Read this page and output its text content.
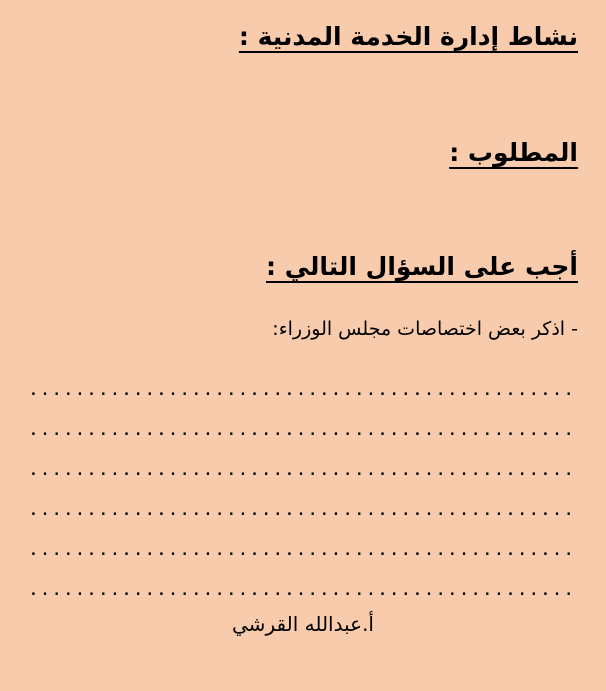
نشاط إدارة الخدمة المدنية :
المطلوب :
أجب على السؤال التالي :
- اذكر بعض اختصاصات مجلس الوزراء:
...............................................
...............................................
...............................................
...............................................
...............................................
...............................................
أ.عبدالله القرشي
